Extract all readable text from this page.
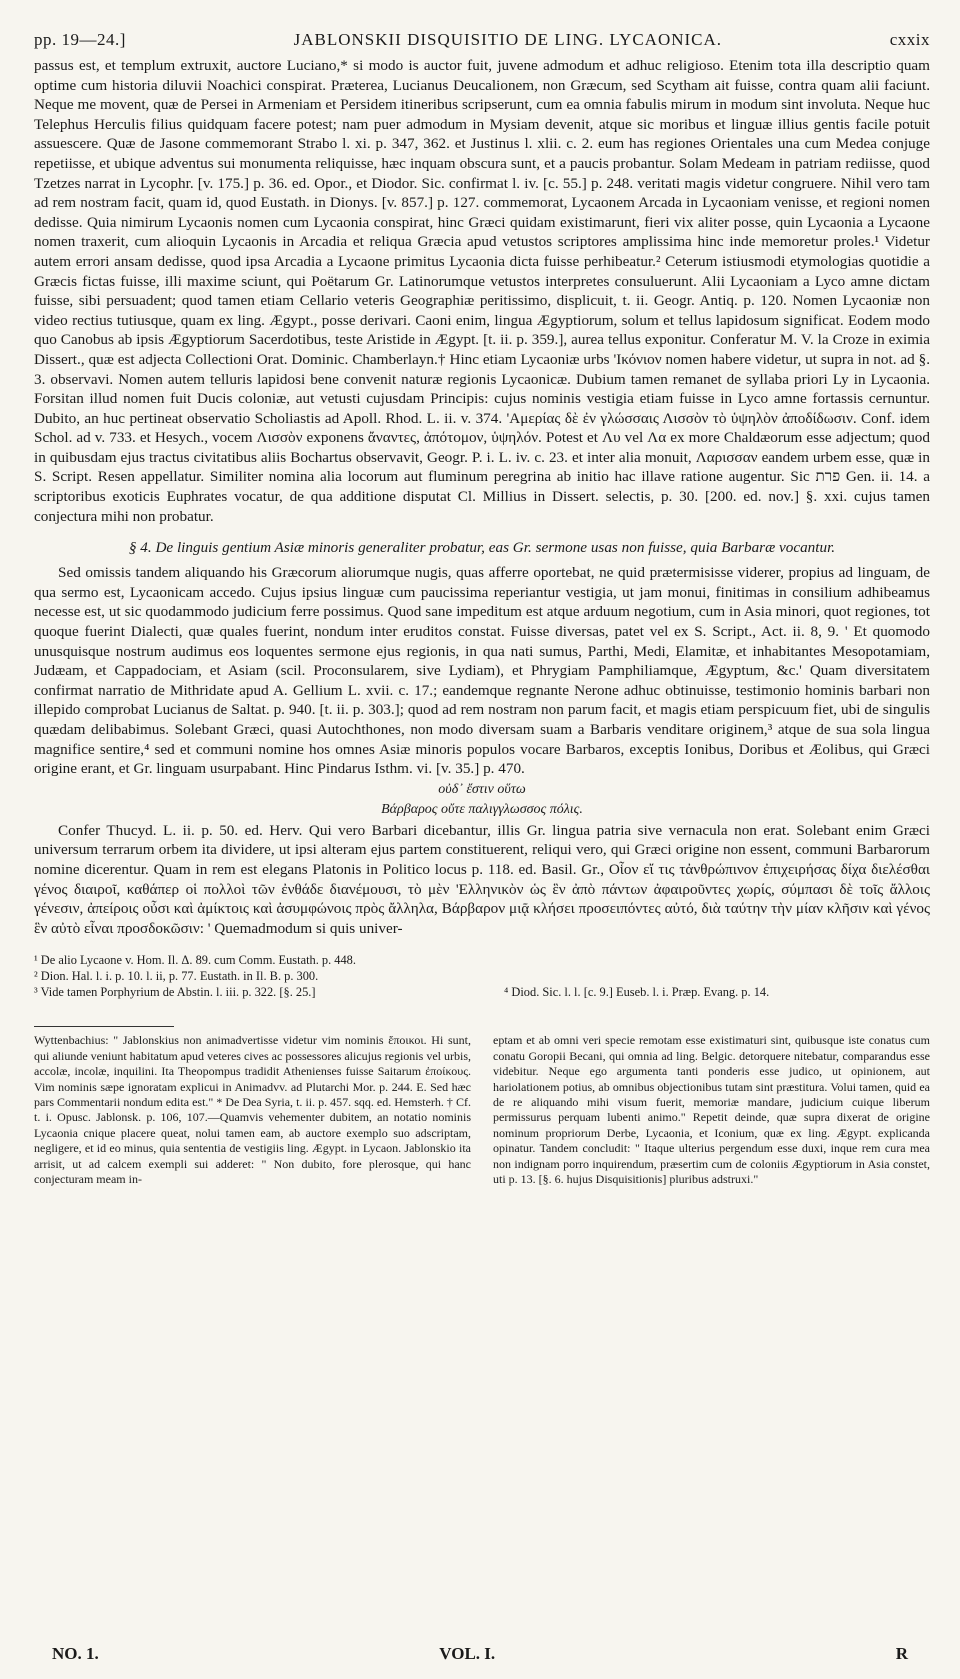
pp. 19—24.]	JABLONSKII DISQUISITIO DE LING. LYCAONICA.	cxxix

passus est, et templum extruxit, auctore Luciano,* si modo is auctor fuit, juvene admodum et adhuc religioso. Etenim tota illa descriptio quam optime cum historia diluvii Noachici conspirat. Præterea, Lucianus Deucalionem, non Græcum, sed Scytham ait fuisse, contra quam alii faciunt. Neque me movent, quæ de Persei in Armeniam et Persidem itineribus scripserunt, cum ea omnia fabulis mirum in modum sint involuta. Neque huc Telephus Herculis filius quidquam facere potest; nam puer admodum in Mysiam devenit, atque sic moribus et linguæ illius gentis facile potuit assuescere. Quæ de Jasone commemorant Strabo l. xi. p. 347, 362. et Justinus l. xlii. c. 2. eum has regiones Orientales una cum Medea conjuge repetiisse, et ubique adventus sui monumenta reliquisse, hæc inquam obscura sunt, et a paucis probantur. Solam Medeam in patriam rediisse, quod Tzetzes narrat in Lycophr. [v. 175.] p. 36. ed. Opor., et Diodor. Sic. confirmat l. iv. [c. 55.] p. 248. veritati magis videtur congruere. Nihil vero tam ad rem nostram facit, quam id, quod Eustath. in Dionys. [v. 857.] p. 127. commemorat, Lycaonem Arcada in Lycaoniam venisse, et regioni nomen dedisse. Quia nimirum Lycaonis nomen cum Lycaonia conspirat, hinc Græci quidam existimarunt, fieri vix aliter posse, quin Lycaonia a Lycaone nomen traxerit, cum alioquin Lycaonis in Arcadia et reliqua Græcia apud vetustos scriptores amplissima hinc inde memoretur proles.¹ Videtur autem errori ansam dedisse, quod ipsa Arcadia a Lycaone primitus Lycaonia dicta fuisse perhibeatur.² Ceterum istiusmodi etymologias quotidie a Græcis fictas fuisse, illi maxime sciunt, qui Poëtarum Gr. Latinorumque vetustos interpretes consuluerunt. Alii Lycaoniam a Lyco amne dictam fuisse, sibi persuadent; quod tamen etiam Cellario veteris Geographiæ peritissimo, displicuit, t. ii. Geogr. Antiq. p. 120. Nomen Lycaoniæ non video rectius tutiusque, quam ex ling. Ægypt., posse derivari. Caoni enim, lingua Ægyptiorum, solum et tellus lapidosum significat. Eodem modo quo Canobus ab ipsis Ægyptiorum Sacerdotibus, teste Aristide in Ægypt. [t. ii. p. 359.], aurea tellus exponitur. Conferatur M. V. la Croze in eximia Dissert., quæ est adjecta Collectioni Orat. Dominic. Chamberlayn.† Hinc etiam Lycaoniæ urbs 'Ικόνιον nomen habere videtur, ut supra in not. ad §. 3. observavi. Nomen autem telluris lapidosi bene convenit naturæ regionis Lycaonicæ. Dubium tamen remanet de syllaba priori Ly in Lycaonia. Forsitan illud nomen fuit Ducis coloniæ, aut vetusti cujusdam Principis: cujus nominis vestigia etiam fuisse in Lyco amne fortassis cernuntur. Dubito, an huc pertineat observatio Scholiastis ad Apoll. Rhod. L. ii. v. 374. 'Αμερίας δὲ ἐν γλώσσαις Λισσὸν τὸ ὑψηλὸν ἀποδίδωσιν. Conf. idem Schol. ad v. 733. et Hesych., vocem Λισσὸν exponens ἄναντες, ἀπότομον, ὑψηλόν. Potest et Λυ vel Λα ex more Chaldæorum esse adjectum; quod in quibusdam ejus tractus civitatibus aliis Bochartus observavit, Geogr. P. i. L. iv. c. 23. et inter alia monuit, Λαρισσαν eandem urbem esse, quæ in S. Script. Resen appellatur. Similiter nomina alia locorum aut fluminum peregrina ab initio hac illave ratione augentur. Sic פרת Gen. ii. 14. a scriptoribus exoticis Euphrates vocatur, de qua additione disputat Cl. Millius in Dissert. selectis, p. 30. [200. ed. nov.] §. xxi. cujus tamen conjectura mihi non probatur.

§ 4. De linguis gentium Asiæ minoris generaliter probatur, eas Gr. sermone usas non fuisse, quia Barbaræ vocantur.

Sed omissis tandem aliquando his Græcorum aliorumque nugis, quas afferre oportebat, ne quid prætermisisse viderer, propius ad linguam, de qua sermo est, Lycaonicam accedo. Cujus ipsius linguæ cum paucissima reperiantur vestigia, ut jam monui, finitimas in consilium adhibeamus necesse est, ut sic quodammodo judicium ferre possimus. Quod sane impeditum est atque arduum negotium, cum in Asia minori, quot regiones, tot quoque fuerint Dialecti, quæ quales fuerint, nondum inter eruditos constat. Fuisse diversas, patet vel ex S. Script., Act. ii. 8, 9. ' Et quomodo unusquisque nostrum audimus eos loquentes sermone ejus regionis, in qua nati sumus, Parthi, Medi, Elamitæ, et inhabitantes Mesopotamiam, Judæam, et Cappadociam, et Asiam (scil. Proconsularem, sive Lydiam), et Phrygiam Pamphiliamque, Ægyptum, &c.' Quam diversitatem confirmat narratio de Mithridate apud A. Gellium L. xvii. c. 17.; eandemque regnante Nerone adhuc obtinuisse, testimonio hominis barbari non illepido comprobat Lucianus de Saltat. p. 940. [t. ii. p. 303.]; quod ad rem nostram non parum facit, et magis etiam perspicuum fiet, ubi de singulis quædam delibabimus. Solebant Græci, quasi Autochthones, non modo diversam suam a Barbaris venditare originem,³ atque de sua sola lingua magnifice sentire,⁴ sed et communi nomine hos omnes Asiæ minoris populos vocare Barbaros, exceptis Ionibus, Doribus et Æolibus, qui Græci origine erant, et Gr. linguam usurpabant. Hinc Pindarus Isthm. vi. [v. 35.] p. 470.

οὐδ᾽ ἔστιν οὕτω
Βάρβαρος οὔτε παλιγγλωσσος πόλις.

Confer Thucyd. L. ii. p. 50. ed. Herv. Qui vero Barbari dicebantur, illis Gr. lingua patria sive vernacula non erat. Solebant enim Græci universum terrarum orbem ita dividere, ut ipsi alteram ejus partem constituerent, reliqui vero, qui Græci origine non essent, communi Barbarorum nomine dicerentur. Quam in rem est elegans Platonis in Politico locus p. 118. ed. Basil. Gr., Οἷον εἴ τις τἀνθρώπινον ἐπιχειρήσας δίχα διελέσθαι γένος διαιροῖ, καθάπερ οἱ πολλοὶ τῶν ἐνθάδε διανέμουσι, τὸ μὲν 'Ελληνικὸν ὡς ἓν ἀπὸ πάντων ἀφαιροῦντες χωρίς, σύμπασι δὲ τοῖς ἄλλοις γένεσιν, ἀπείροις οὖσι καὶ ἀμίκτοις καὶ ἀσυμφώνοις πρὸς ἄλληλα, Βάρβαρον μιᾷ κλήσει προσειπόντες αὐτό, διὰ ταύτην τὴν μίαν κλῆσιν καὶ γένος ἓν αὐτὸ εἶναι προσδοκῶσιν: ' Quemadmodum si quis univer-

¹ De alio Lycaone v. Hom. Il. Δ. 89. cum Comm. Eustath. p. 448.
² Dion. Hal. l. i. p. 10. l. ii, p. 77. Eustath. in Il. B. p. 300.
³ Vide tamen Porphyrium de Abstin. l. iii. p. 322. [§. 25.]	⁴ Diod. Sic. l. l. [c. 9.] Euseb. l. i. Præp. Evang. p. 14.

Wyttenbachius: " Jablonskius non animadvertisse videtur vim nominis ἔποικοι. Hi sunt, qui aliunde veniunt habitatum apud veteres cives ac possessores alicujus regionis vel urbis, accolæ, incolæ, inquilini. Ita Theopompus tradidit Athenienses fuisse Saitarum ἐποίκους. Vim nominis sæpe ignoratam explicui in Animadvv. ad Plutarchi Mor. p. 244. E. Sed hæc pars Commentarii nondum edita est." * De Dea Syria, t. ii. p. 457. sqq. ed. Hemsterh. † Cf. t. i. Opusc. Jablonsk. p. 106, 107.—Quamvis vehementer dubitem, an notatio nominis Lycaonia cnique placere queat, nolui tamen eam, ab auctore exemplo suo adscriptam, negligere, et id eo minus, quia sententia de vestigiis ling. Ægypt. in Lycaon. Jablonskio ita arrisit, ut ad calcem exempli sui adderet: " Non dubito, fore plerosque, qui hanc conjecturam meam in-

eptam et ab omni veri specie remotam esse existimaturi sint, quibusque iste conatus cum conatu Goropii Becani, qui omnia ad ling. Belgic. detorquere nitebatur, comparandus esse videbitur. Neque ego argumenta tanti ponderis esse judico, ut opinionem, aut hariolationem potius, ab omnibus objectionibus tutam sint præstitura. Volui tamen, quid ea de re aliquando mihi visum fuerit, memoriæ mandare, judicium cuique liberum permissurus perquam lubenti animo." Repetit deinde, quæ supra dixerat de origine nominum propriorum Derbe, Lycaonia, et Iconium, quæ ex ling. Ægypt. explicanda opinatur. Tandem concludit: " Itaque ulterius pergendum esse duxi, inque rem cura mea non indignam porro inquirendum, præsertim cum de coloniis Ægyptiorum in Asia constet, uti p. 13. [§. 6. hujus Disquisitionis] pluribus adstruxi."

NO. 1.	VOL. I.	R
